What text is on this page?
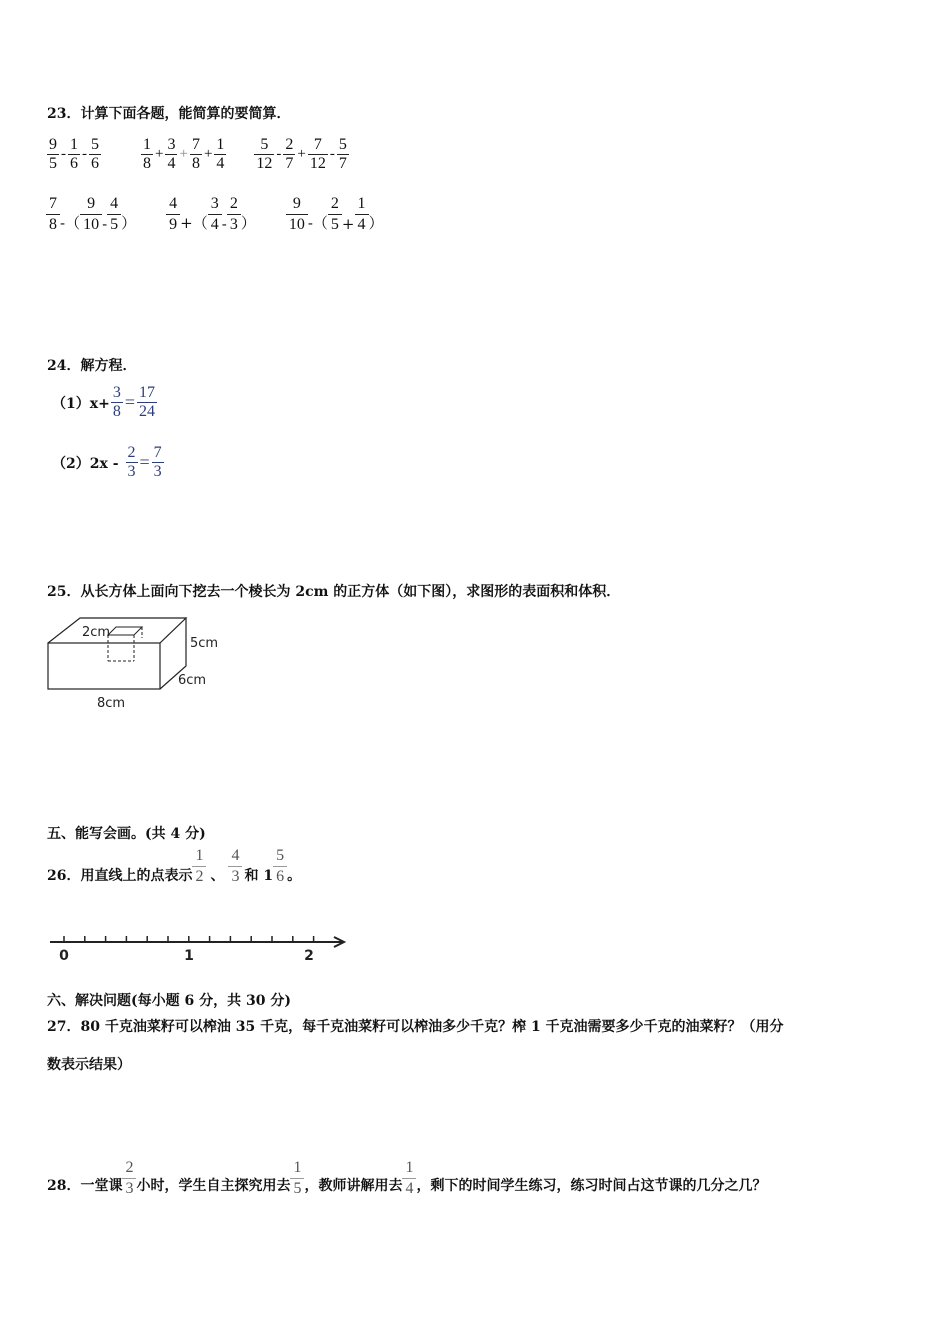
23．计算下面各题，能简算的要简算．
$\frac{9}{5} - \frac{1}{6} - \frac{5}{6}$	$\frac{1}{8} + \frac{3}{4} + \frac{7}{8} + \frac{1}{4} \frac{5}{12} - \frac{2}{7} + \frac{7}{12} - \frac{5}{7}$
7
8 -（
9
10 -
4
5 ）
4
9 +（
3
4 -
2
3 ）
9
10 -（
2
5 +
1
4 ）
24．解方程．
$(1)x+ \frac{3}{8} = \frac{17}{24}$
$(2)2x - \frac{2}{3} = \frac{7}{3}$
25．从长方体上面向下挖去一个棱长为 2cm 的正方体（如下图），求图形的表面积和体积．
2cm
5cm
6cm
8cm
五、能写会画。(共 4 分)
26．用直线上的点表示
1
2 、
4
3 和 1
5
6 。
0	1	2
六、解决问题(每小题 6 分，共 30 分)
27．80 千克油菜籽可以榨油 35 千克，每千克油菜籽可以榨油多少千克？榨 1 千克油需要多少千克的油菜籽？（用分
数表示结果）
28．一堂课
2
3 小时，学生自主探究用去
1
5 ，教师讲解用去
1
4 ，剩下的时间学生练习，练习时间占这节课的几分之几？
